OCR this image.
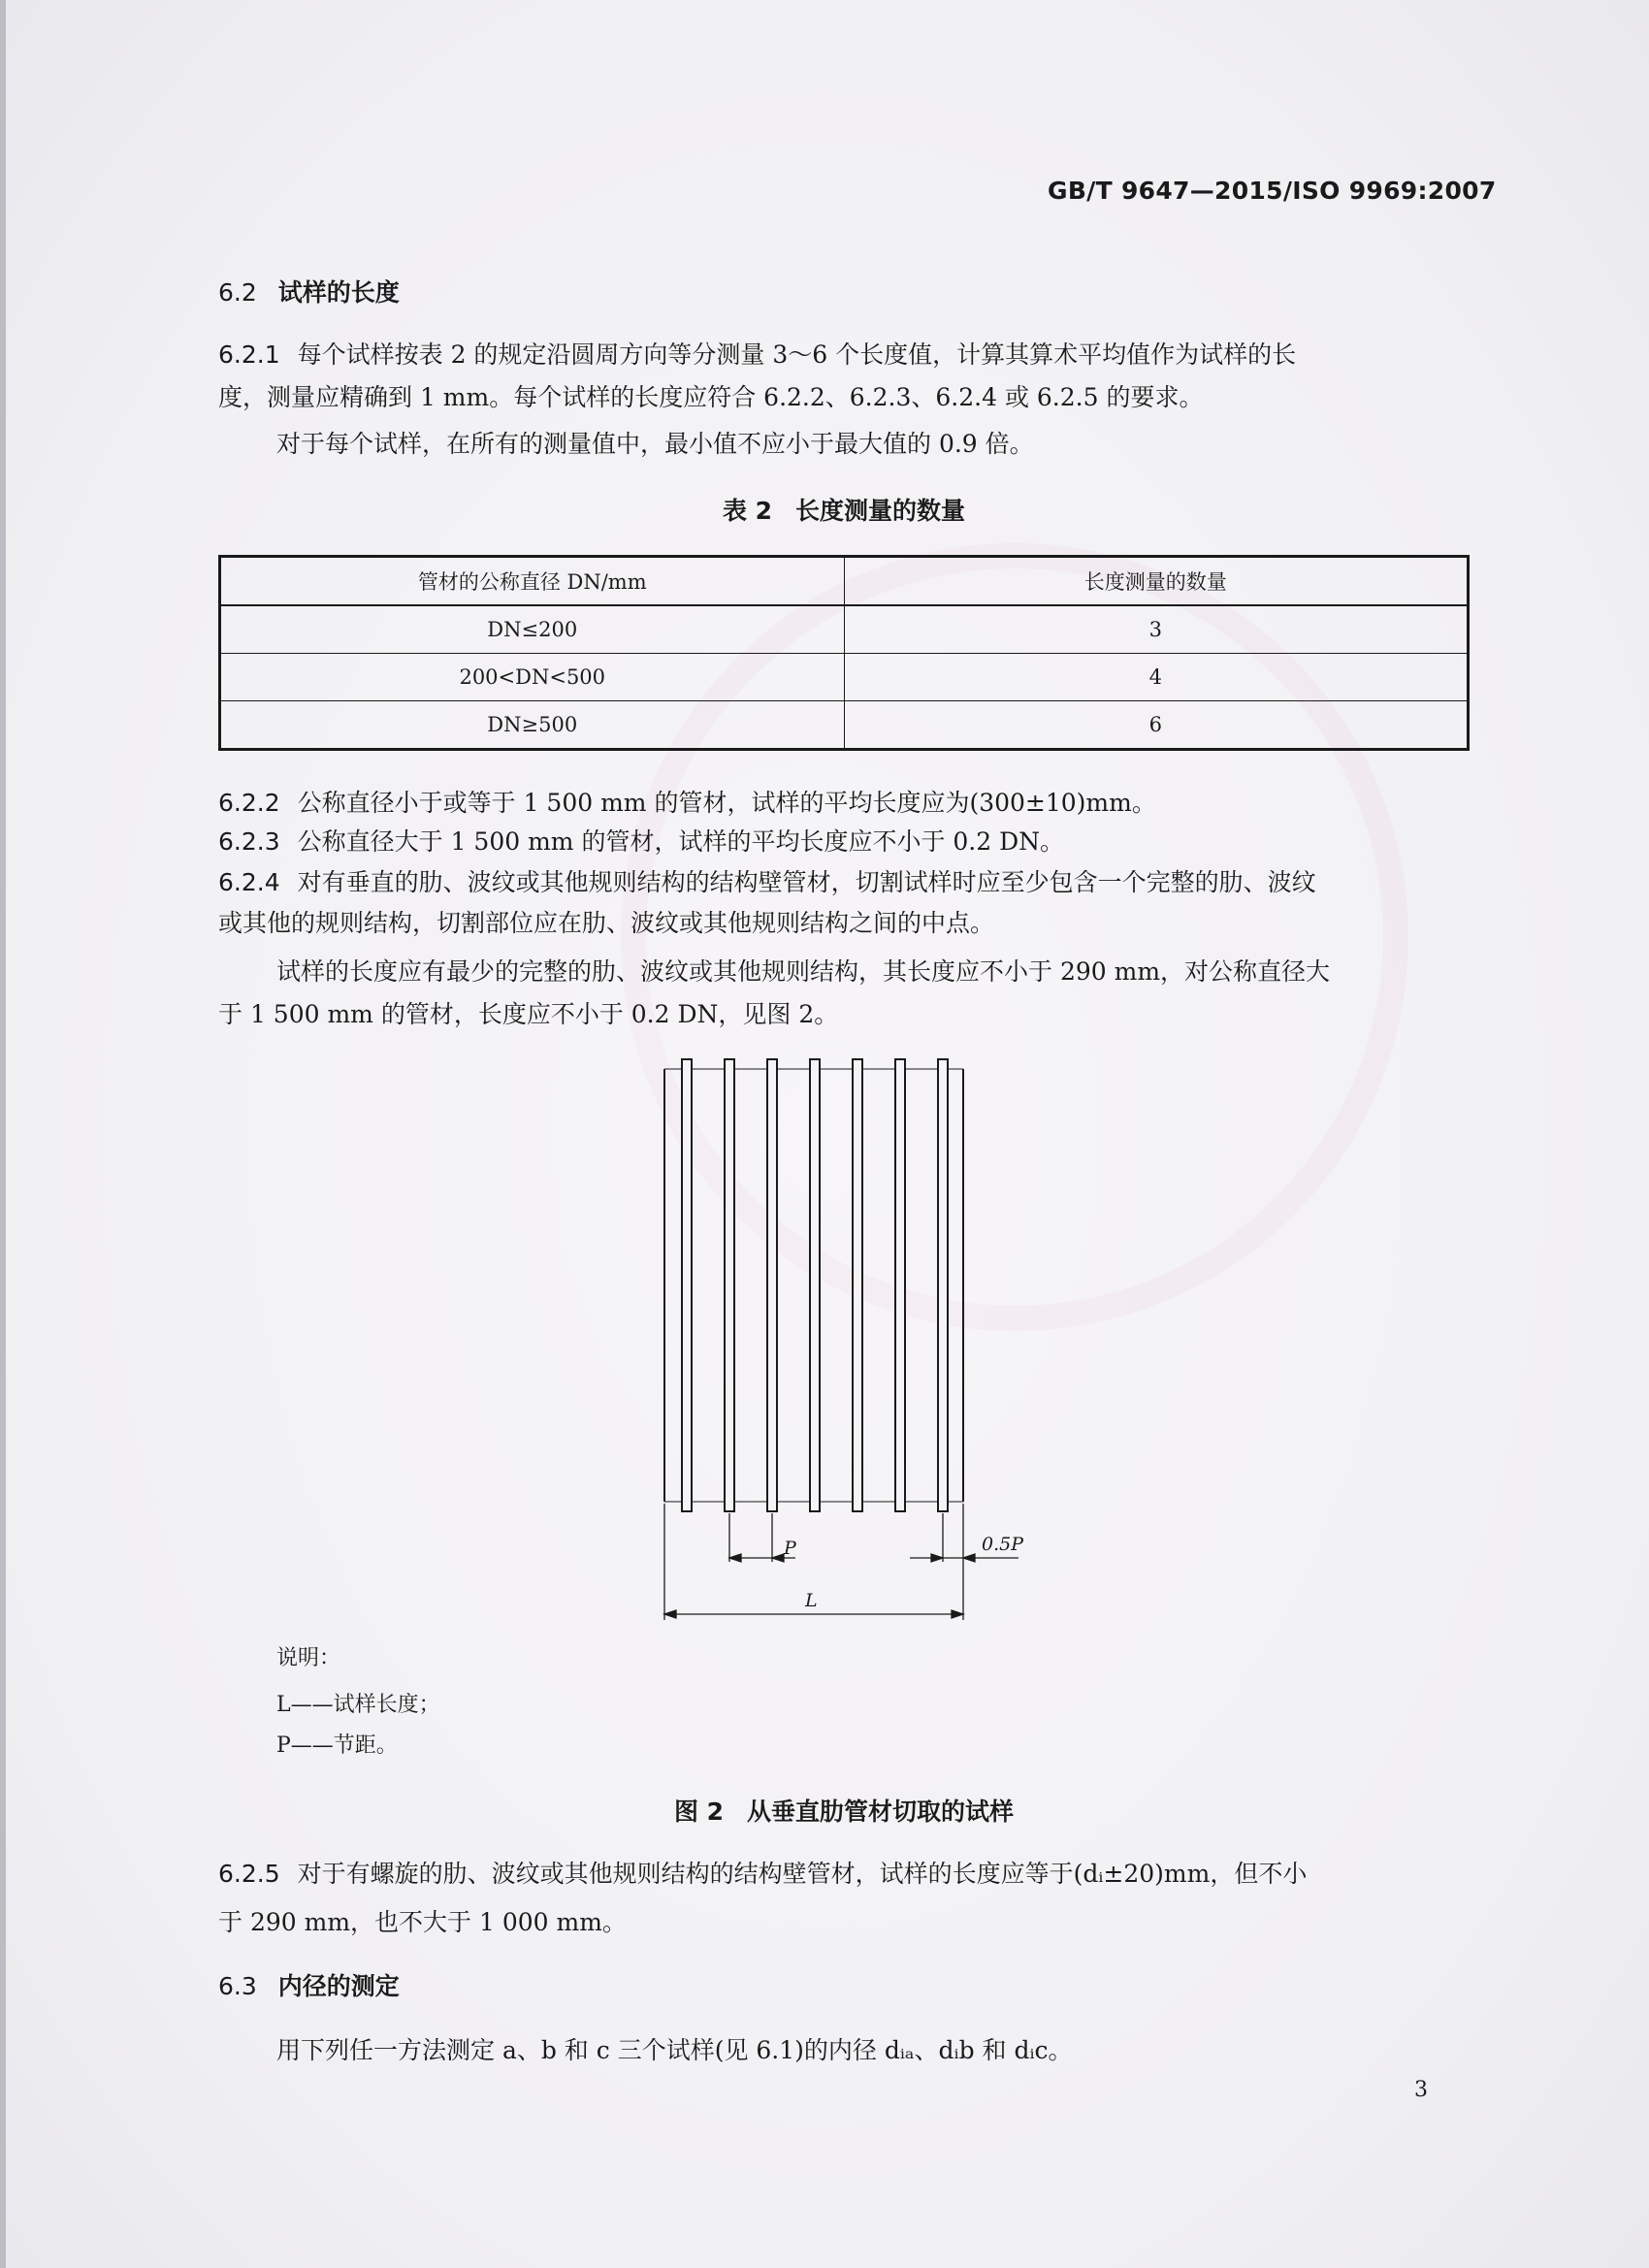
GB/T 9647—2015/ISO 9969:2007
6.2 试样的长度
6.2.1 每个试样按表 2 的规定沿圆周方向等分测量 3～6 个长度值，计算其算术平均值作为试样的长
度，测量应精确到 1 mm。每个试样的长度应符合 6.2.2、6.2.3、6.2.4 或 6.2.5 的要求。
对于每个试样，在所有的测量值中，最小值不应小于最大值的 0.9 倍。
表 2 长度测量的数量
管材的公称直径 DN/mm	长度测量的数量
DN≤200	3
200<DN<500	4
DN≥500	6
6.2.2 公称直径小于或等于 1 500 mm 的管材，试样的平均长度应为(300±10)mm。
6.2.3 公称直径大于 1 500 mm 的管材，试样的平均长度应不小于 0.2 DN。
6.2.4 对有垂直的肋、波纹或其他规则结构的结构壁管材，切割试样时应至少包含一个完整的肋、波纹
或其他的规则结构，切割部位应在肋、波纹或其他规则结构之间的中点。
试样的长度应有最少的完整的肋、波纹或其他规则结构，其长度应不小于 290 mm，对公称直径大
于 1 500 mm 的管材，长度应不小于 0.2 DN，见图 2。
P	0.5P
L
说明：
L——试样长度；
P——节距。
图 2 从垂直肋管材切取的试样
6.2.5 对于有螺旋的肋、波纹或其他规则结构的结构壁管材，试样的长度应等于(dᵢ±20)mm，但不小
于 290 mm，也不大于 1 000 mm。
6.3 内径的测定
用下列任一方法测定 a、b 和 c 三个试样(见 6.1)的内径 dᵢₐ、dᵢb 和 dᵢc。
3
